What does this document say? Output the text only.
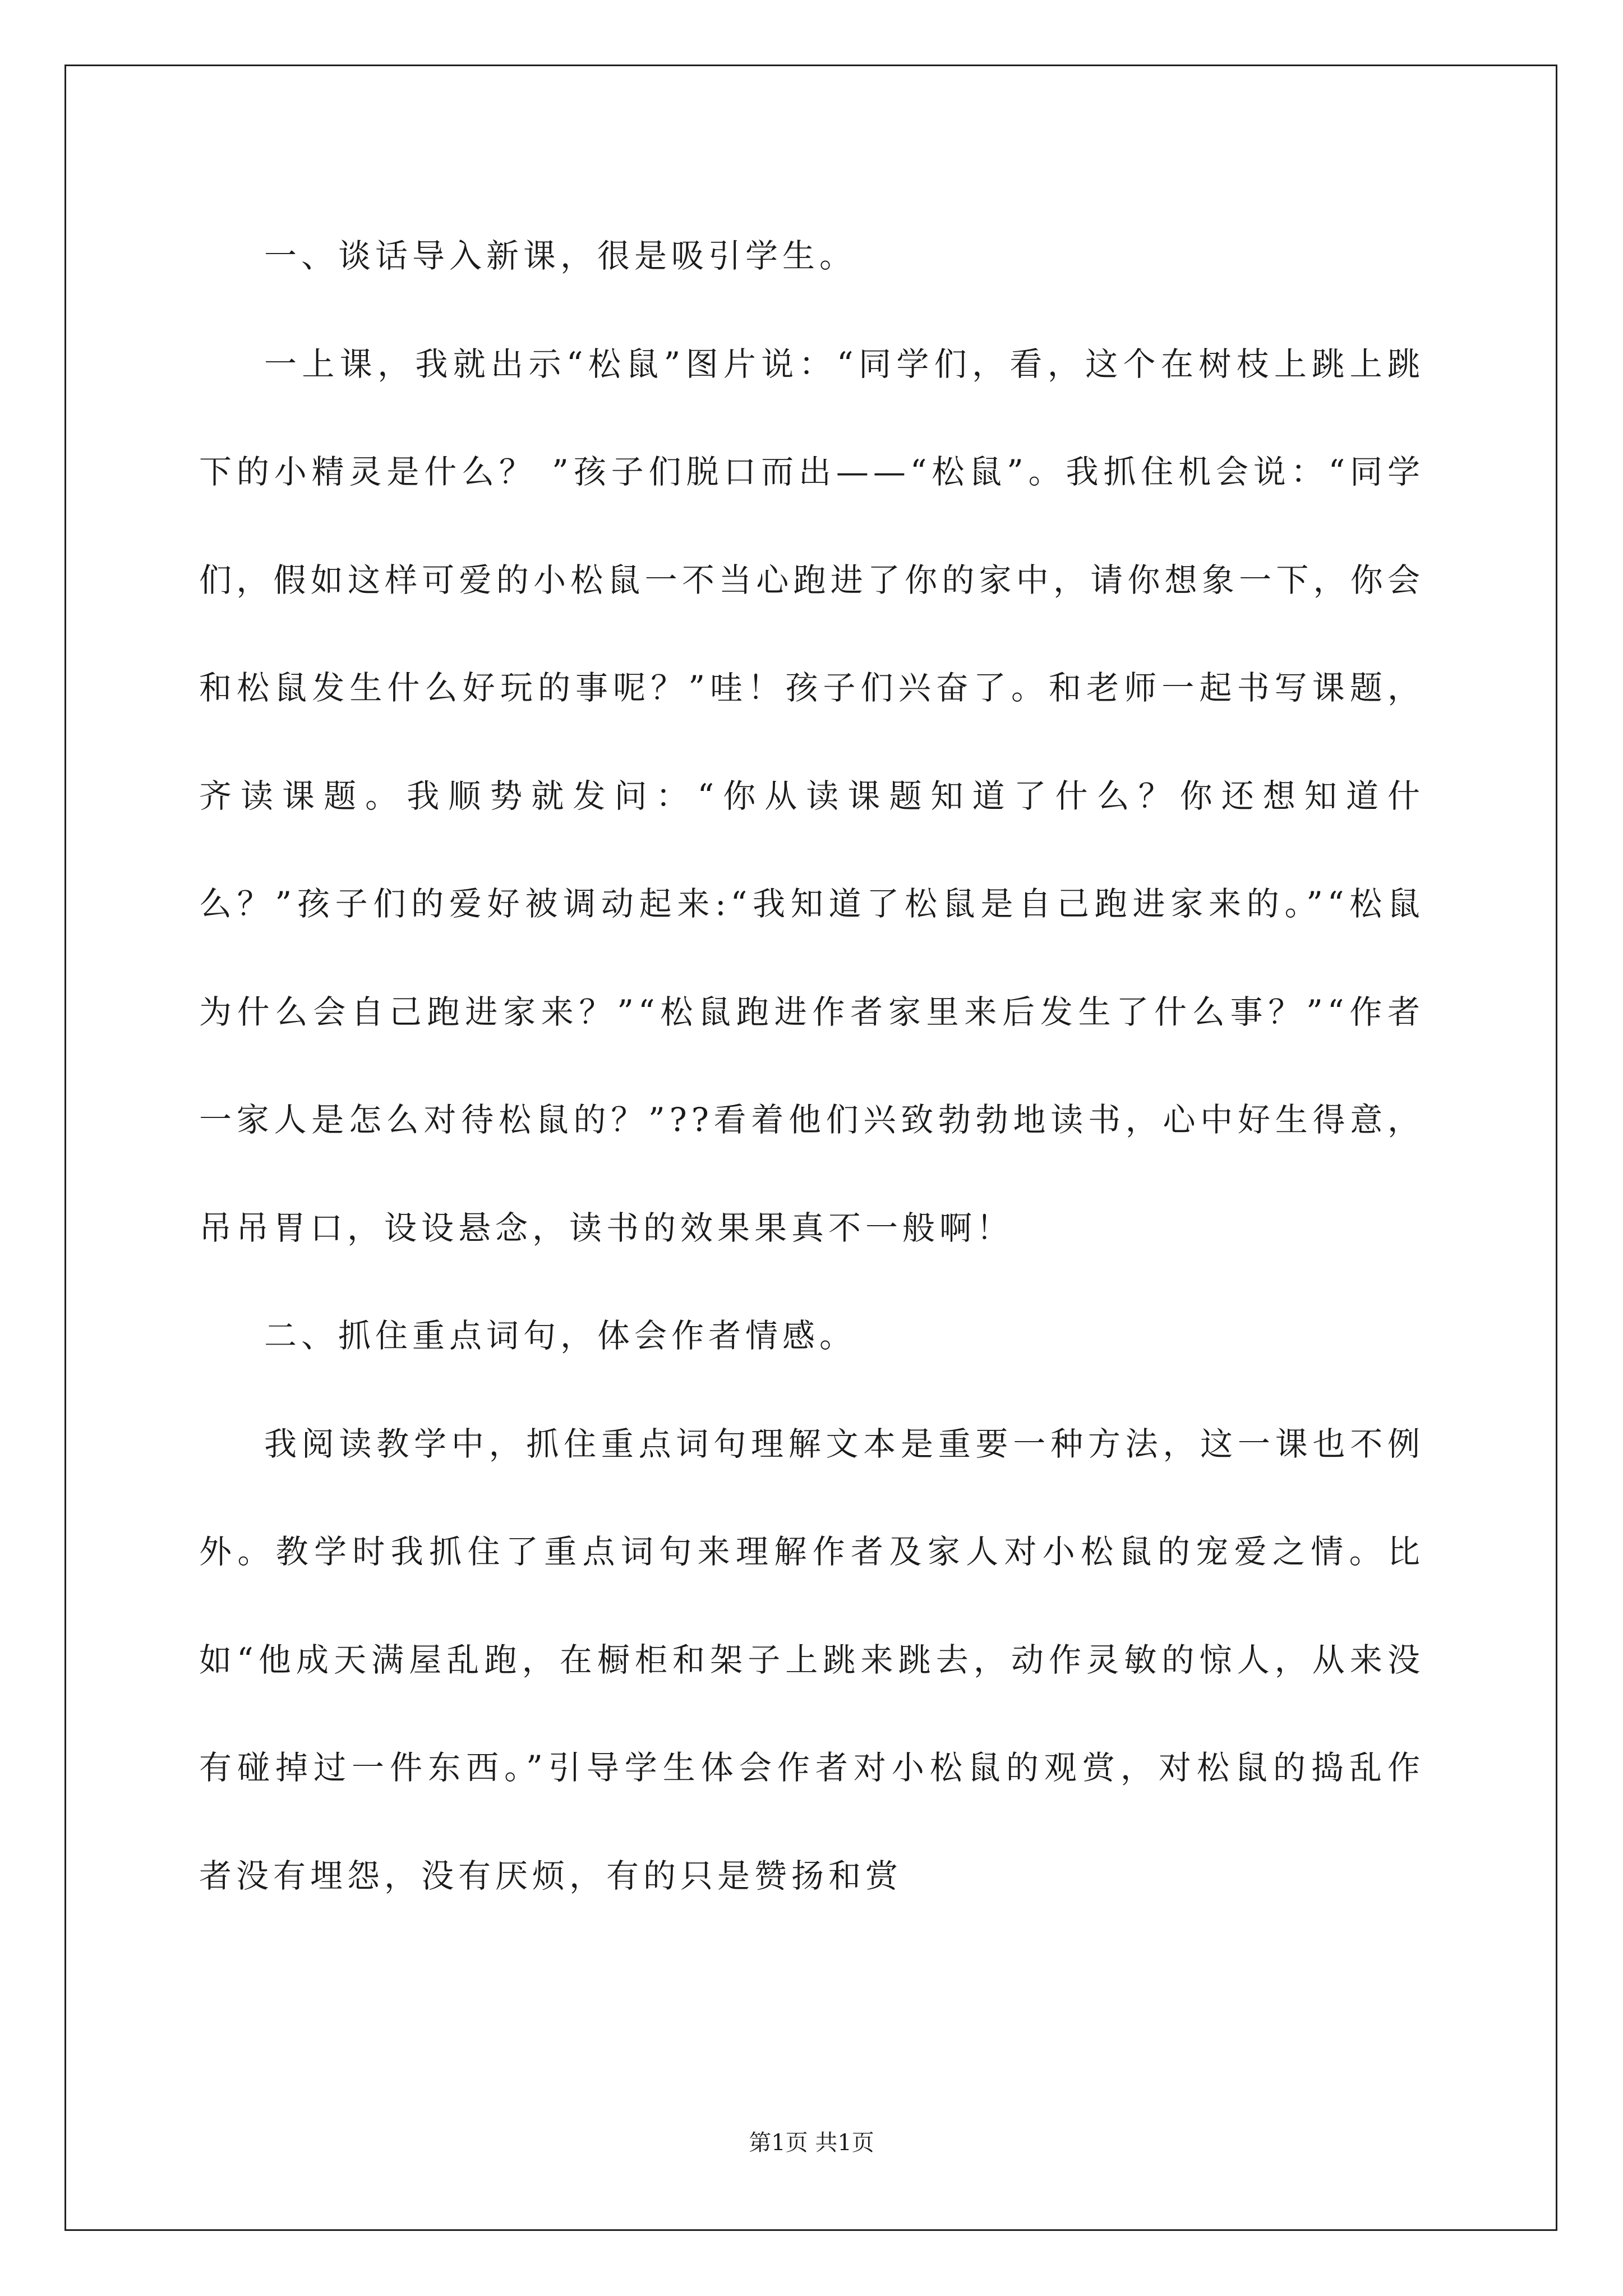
一、谈话导入新课，很是吸引学生。

一上课，我就出示“松鼠”图片说：“同学们，看，这个在树枝上跳上跳下的小精灵是什么？ ”孩子们脱口而出——“松鼠”。我抓住机会说：“同学们，假如这样可爱的小松鼠一不当心跑进了你的家中，请你想象一下，你会和松鼠发生什么好玩的事呢？”哇！孩子们兴奋了。和老师一起书写课题，齐读课题。我顺势就发问：“你从读课题知道了什么？你还想知道什么？”孩子们的爱好被调动起来:“我知道了松鼠是自己跑进家来的。”“松鼠为什么会自己跑进家来？”“松鼠跑进作者家里来后发生了什么事？”“作者一家人是怎么对待松鼠的？”??看着他们兴致勃勃地读书，心中好生得意，吊吊胃口，设设悬念，读书的效果果真不一般啊！

二、抓住重点词句，体会作者情感。

我阅读教学中，抓住重点词句理解文本是重要一种方法，这一课也不例外。教学时我抓住了重点词句来理解作者及家人对小松鼠的宠爱之情。比如“他成天满屋乱跑，在橱柜和架子上跳来跳去，动作灵敏的惊人，从来没有碰掉过一件东西。”引导学生体会作者对小松鼠的观赏，对松鼠的捣乱作者没有埋怨，没有厌烦，有的只是赞扬和赏

第1页 共1页
